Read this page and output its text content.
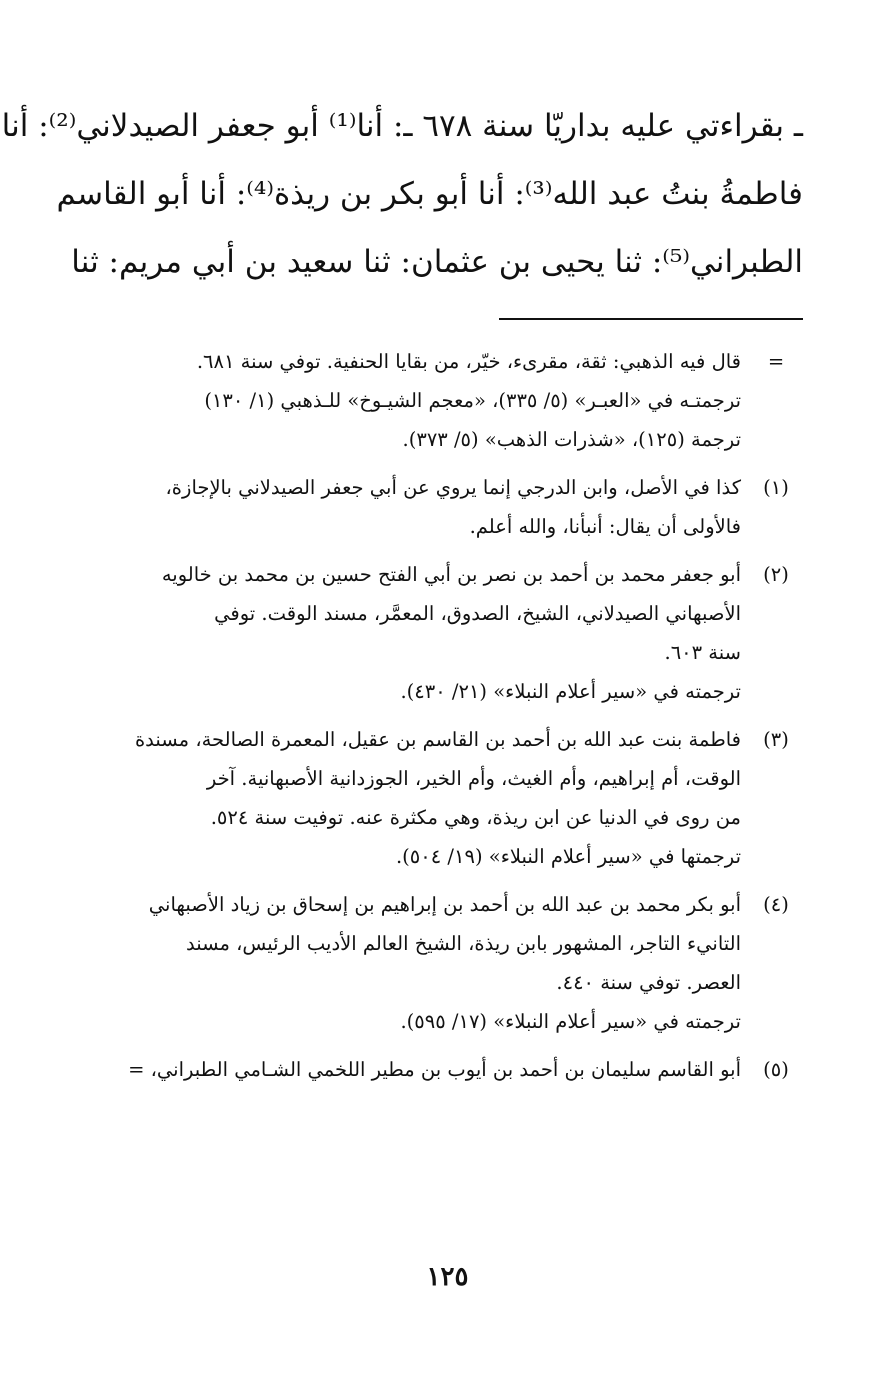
ـ بقراءتي عليه بداريّا سنة ٦٧٨ ـ: أنا⁽¹⁾ أبو جعفر الصيدلاني⁽²⁾: أنا
فاطمةُ بنتُ عبد الله⁽³⁾: أنا أبو بكر بن ريذة⁽⁴⁾: أنا أبو القاسم
الطبراني⁽⁵⁾: ثنا يحيى بن عثمان: ثنا سعيد بن أبي مريم: ثنا
=
قال فيه الذهبي: ثقة، مقرىء، خيّر، من بقايا الحنفية. توفي سنة ٦٨١.
ترجمتـه في «العبـر» (٥/ ٣٣٥)، «معجم الشيـوخ» للـذهبي (١/ ١٣٠)
ترجمة (١٢٥)، «شذرات الذهب» (٥/ ٣٧٣).
(١)
كذا في الأصل، وابن الدرجي إنما يروي عن أبي جعفر الصيدلاني بالإجازة،
فالأولى أن يقال: أنبأنا، والله أعلم.
(٢)
أبو جعفر محمد بن أحمد بن نصر بن أبي الفتح حسين بن محمد بن خالويه
الأصبهاني الصيدلاني، الشيخ، الصدوق، المعمَّر، مسند الوقت. توفي
سنة ٦٠٣.
ترجمته في «سير أعلام النبلاء» (٢١/ ٤٣٠).
(٣)
فاطمة بنت عبد الله بن أحمد بن القاسم بن عقيل، المعمرة الصالحة، مسندة
الوقت، أم إبراهيم، وأم الغيث، وأم الخير، الجوزدانية الأصبهانية. آخر
من روى في الدنيا عن ابن ريذة، وهي مكثرة عنه. توفيت سنة ٥٢٤.
ترجمتها في «سير أعلام النبلاء» (١٩/ ٥٠٤).
(٤)
أبو بكر محمد بن عبد الله بن أحمد بن إبراهيم بن إسحاق بن زياد الأصبهاني
التانيء التاجر، المشهور بابن ريذة، الشيخ العالم الأديب الرئيس، مسند
العصر. توفي سنة ٤٤٠.
ترجمته في «سير أعلام النبلاء» (١٧/ ٥٩٥).
(٥)
أبو القاسم سليمان بن أحمد بن أيوب بن مطير اللخمي الشـامي الطبراني، =
١٢٥
